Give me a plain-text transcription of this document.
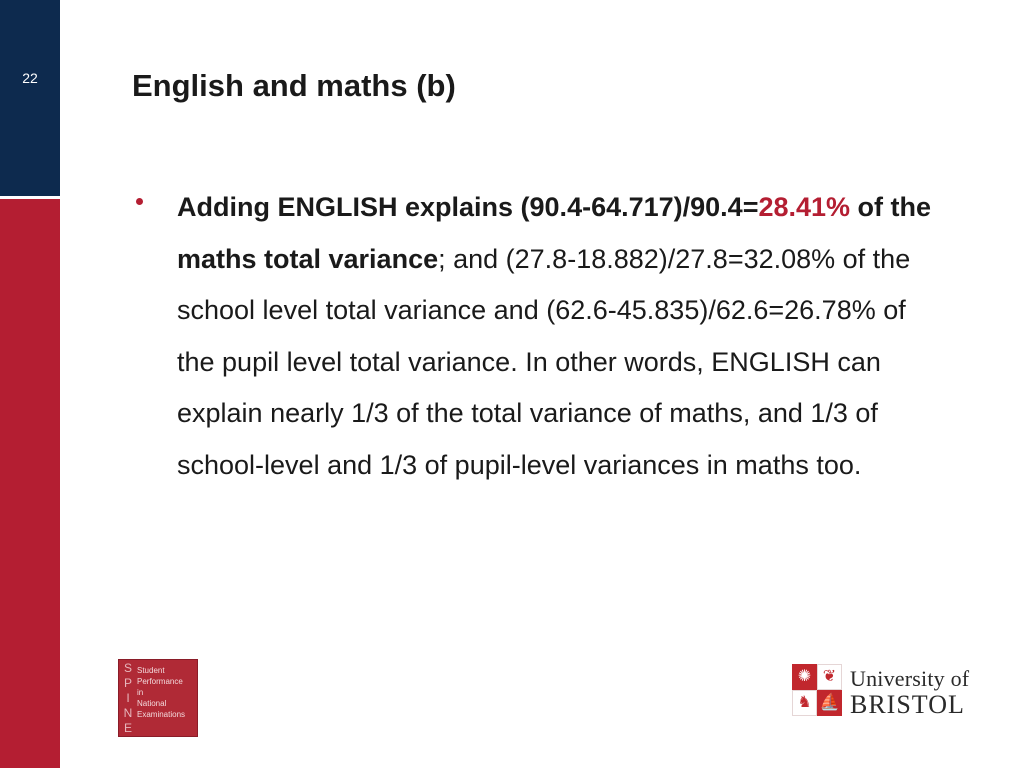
22	English and maths (b)
Adding ENGLISH explains (90.4-64.717)/90.4=28.41% of the maths total variance; and (27.8-18.882)/27.8=32.08% of the school level total variance and (62.6-45.835)/62.6=26.78% of the pupil level total variance. In other words, ENGLISH can explain nearly 1/3 of the total variance of maths, and 1/3 of school-level and 1/3 of pupil-level variances in maths too.
S
P
I
N
E
Student
Performance
in
National
Examinations
✺ ❦
♞ ⛵
University of
BRISTOL
